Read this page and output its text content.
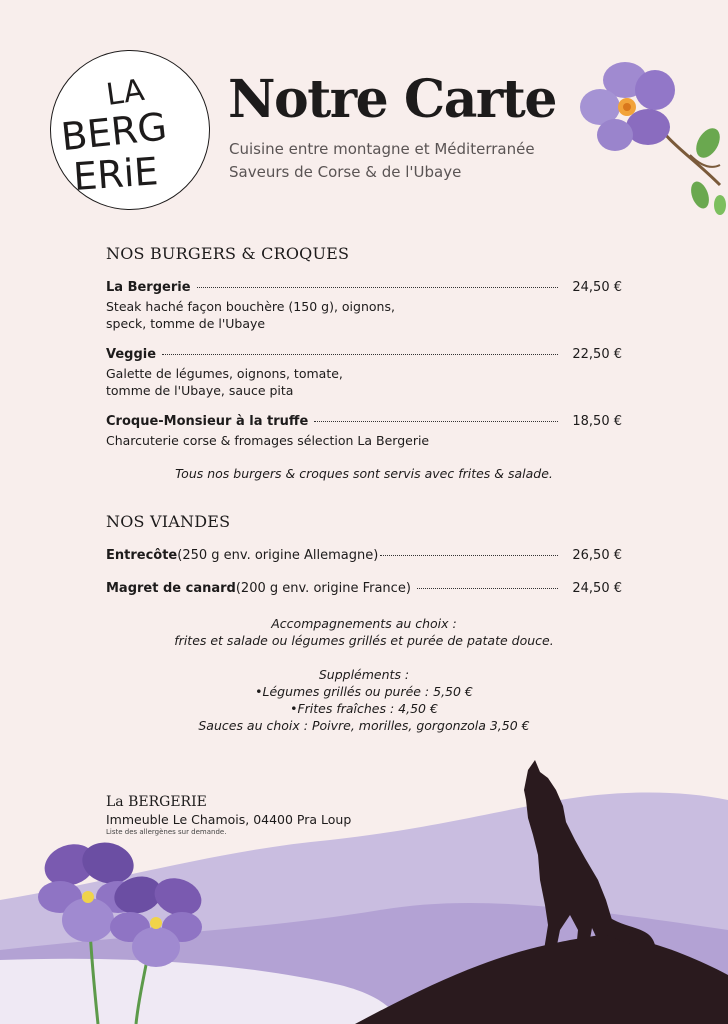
LA
BERG
ERiE
Notre Carte
Cuisine entre montagne et Méditerranée
Saveurs de Corse & de l'Ubaye
NOS BURGERS & CROQUES
La Bergerie	24,50 €
Steak haché façon bouchère (150 g), oignons,
speck, tomme de l'Ubaye
Veggie	22,50 €
Galette de légumes, oignons, tomate,
tomme de l'Ubaye, sauce pita
Croque-Monsieur à la truffe	18,50 €
Charcuterie corse & fromages sélection La Bergerie
Tous nos burgers & croques sont servis avec frites & salade.
NOS VIANDES
Entrecôte (250 g env. origine Allemagne)	26,50 €
Magret de canard (200 g env. origine France)	24,50 €
Accompagnements au choix :
frites et salade ou légumes grillés et purée de patate douce.
Suppléments :
•Légumes grillés ou purée : 5,50 €
•Frites fraîches : 4,50 €
Sauces au choix : Poivre, morilles, gorgonzola 3,50 €
La BERGERIE
Immeuble Le Chamois, 04400 Pra Loup
Liste des allergènes sur demande.
